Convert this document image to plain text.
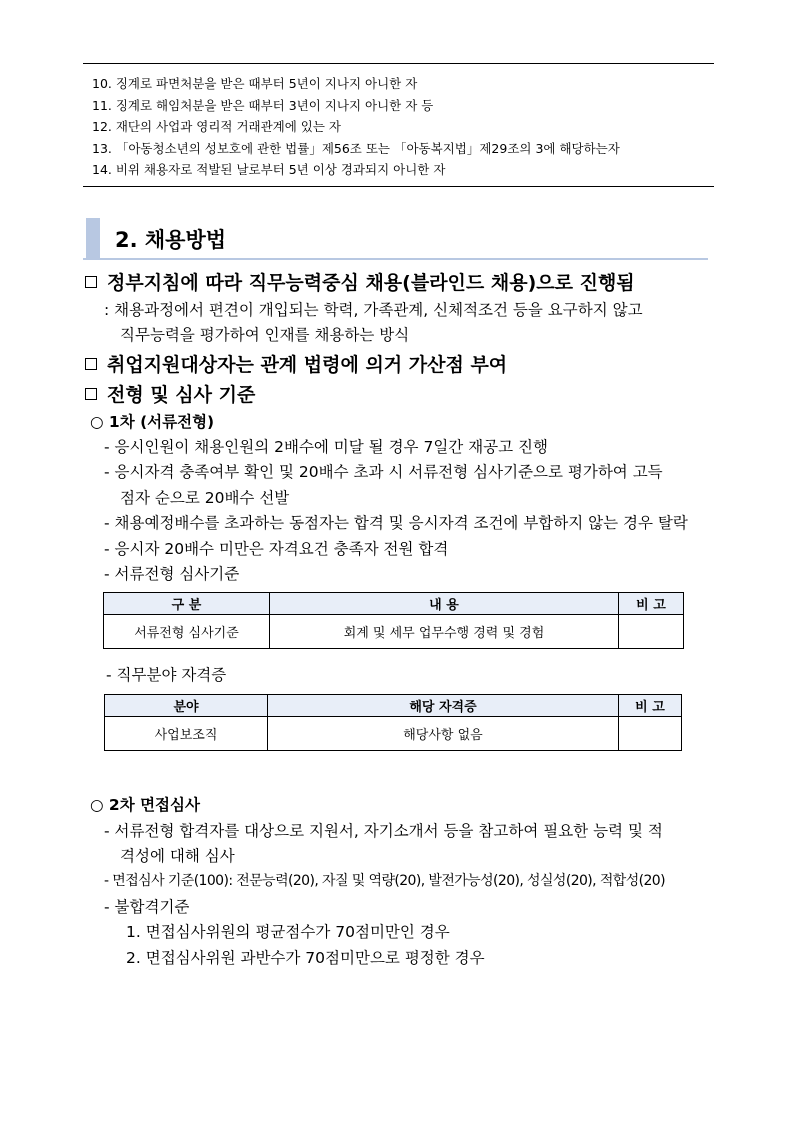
10. 징계로 파면처분을 받은 때부터 5년이 지나지 아니한 자
11. 징계로 해임처분을 받은 때부터 3년이 지나지 아니한 자 등
12. 재단의 사업과 영리적 거래관계에 있는 자
13. 「아동청소년의 성보호에 관한 법률」제56조 또는 「아동복지법」제29조의 3에 해당하는자
14. 비위 채용자로 적발된 날로부터 5년 이상 경과되지 아니한 자
2. 채용방법
정부지침에 따라 직무능력중심 채용(블라인드 채용)으로 진행됨
: 채용과정에서 편견이 개입되는 학력, 가족관계, 신체적조건 등을 요구하지 않고
직무능력을 평가하여 인재를 채용하는 방식
취업지원대상자는 관계 법령에 의거 가산점 부여
전형 및 심사 기준
○ 1차 (서류전형)
- 응시인원이 채용인원의 2배수에 미달 될 경우 7일간 재공고 진행
- 응시자격 충족여부 확인 및 20배수 초과 시 서류전형 심사기준으로 평가하여 고득
점자 순으로 20배수 선발
- 채용예정배수를 초과하는 동점자는 합격 및 응시자격 조건에 부합하지 않는 경우 탈락
- 응시자 20배수 미만은 자격요건 충족자 전원 합격
- 서류전형 심사기준
구 분	내 용	비 고
서류전형 심사기준	회계 및 세무 업무수행 경력 및 경험	
- 직무분야 자격증
분야	해당 자격증	비 고
사업보조직	해당사항 없음	
○ 2차 면접심사
- 서류전형 합격자를 대상으로 지원서, 자기소개서 등을 참고하여 필요한 능력 및 적
격성에 대해 심사
- 면접심사 기준(100): 전문능력(20), 자질 및 역량(20), 발전가능성(20), 성실성(20), 적합성(20)
- 불합격기준
1. 면접심사위원의 평균점수가 70점미만인 경우
2. 면접심사위원 과반수가 70점미만으로 평정한 경우
